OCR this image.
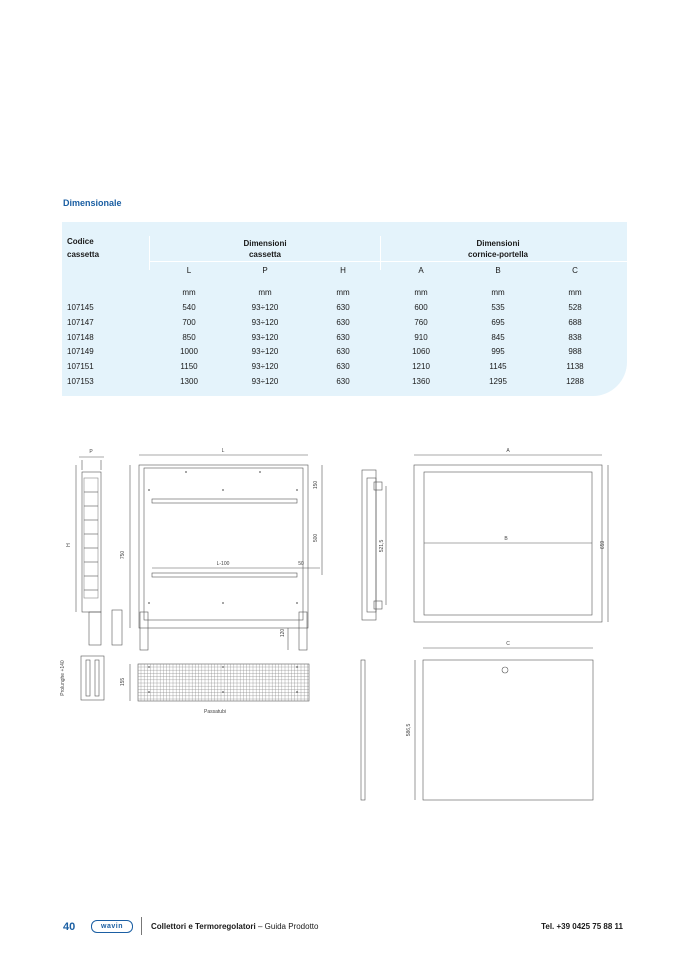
Dimensionale
Codice
cassetta
Dimensioni
cassetta
Dimensioni
cornice-portella
L	P	H	A	B	C
mm	mm	mm	mm	mm	mm
107145	540	93÷120	630	600	535	528
107147	700	93÷120	630	760	695	688
107148	850	93÷120	630	910	845	838
107149	1000	93÷120	630	1060	995	988
107151	1150	93÷120	630	1210	1145	1138
107153	1300	93÷120	630	1360	1295	1288
P	L
H
750
150
500
L-100	50
120
Prolunghe +140	155
Passatubi
521,5
A
B
659
C
586,5
40	wavin	Collettori e Termoregolatori – Guida Prodotto	Tel. +39 0425 75 88 11
